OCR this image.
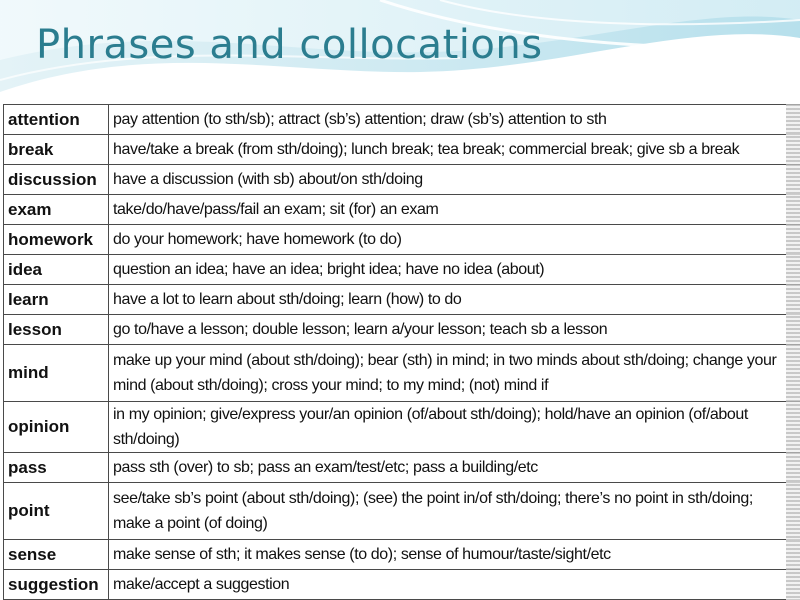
Phrases and collocations
attention	pay attention (to sth/sb); attract (sb’s) attention; draw (sb’s) attention to sth
break	have/take a break (from sth/doing); lunch break; tea break; commercial break; give sb a break
discussion	have a discussion (with sb) about/on sth/doing
exam	take/do/have/pass/fail an exam; sit (for) an exam
homework	do your homework; have homework (to do)
idea	question an idea; have an idea; bright idea; have no idea (about)
learn	have a lot to learn about sth/doing; learn (how) to do
lesson	go to/have a lesson; double lesson; learn a/your lesson; teach sb a lesson
mind	make up your mind (about sth/doing); bear (sth) in mind; in two minds about sth/doing; change your
mind (about sth/doing); cross your mind; to my mind; (not) mind if
opinion	in my opinion; give/express your/an opinion (of/about sth/doing); hold/have an opinion (of/about sth/doing)
pass	pass sth (over) to sb; pass an exam/test/etc; pass a building/etc
point	see/take sb’s point (about sth/doing); (see) the point in/of sth/doing; there’s no point in sth/doing;
make a point (of doing)
sense	make sense of sth; it makes sense (to do); sense of humour/taste/sight/etc
suggestion	make/accept a suggestion
